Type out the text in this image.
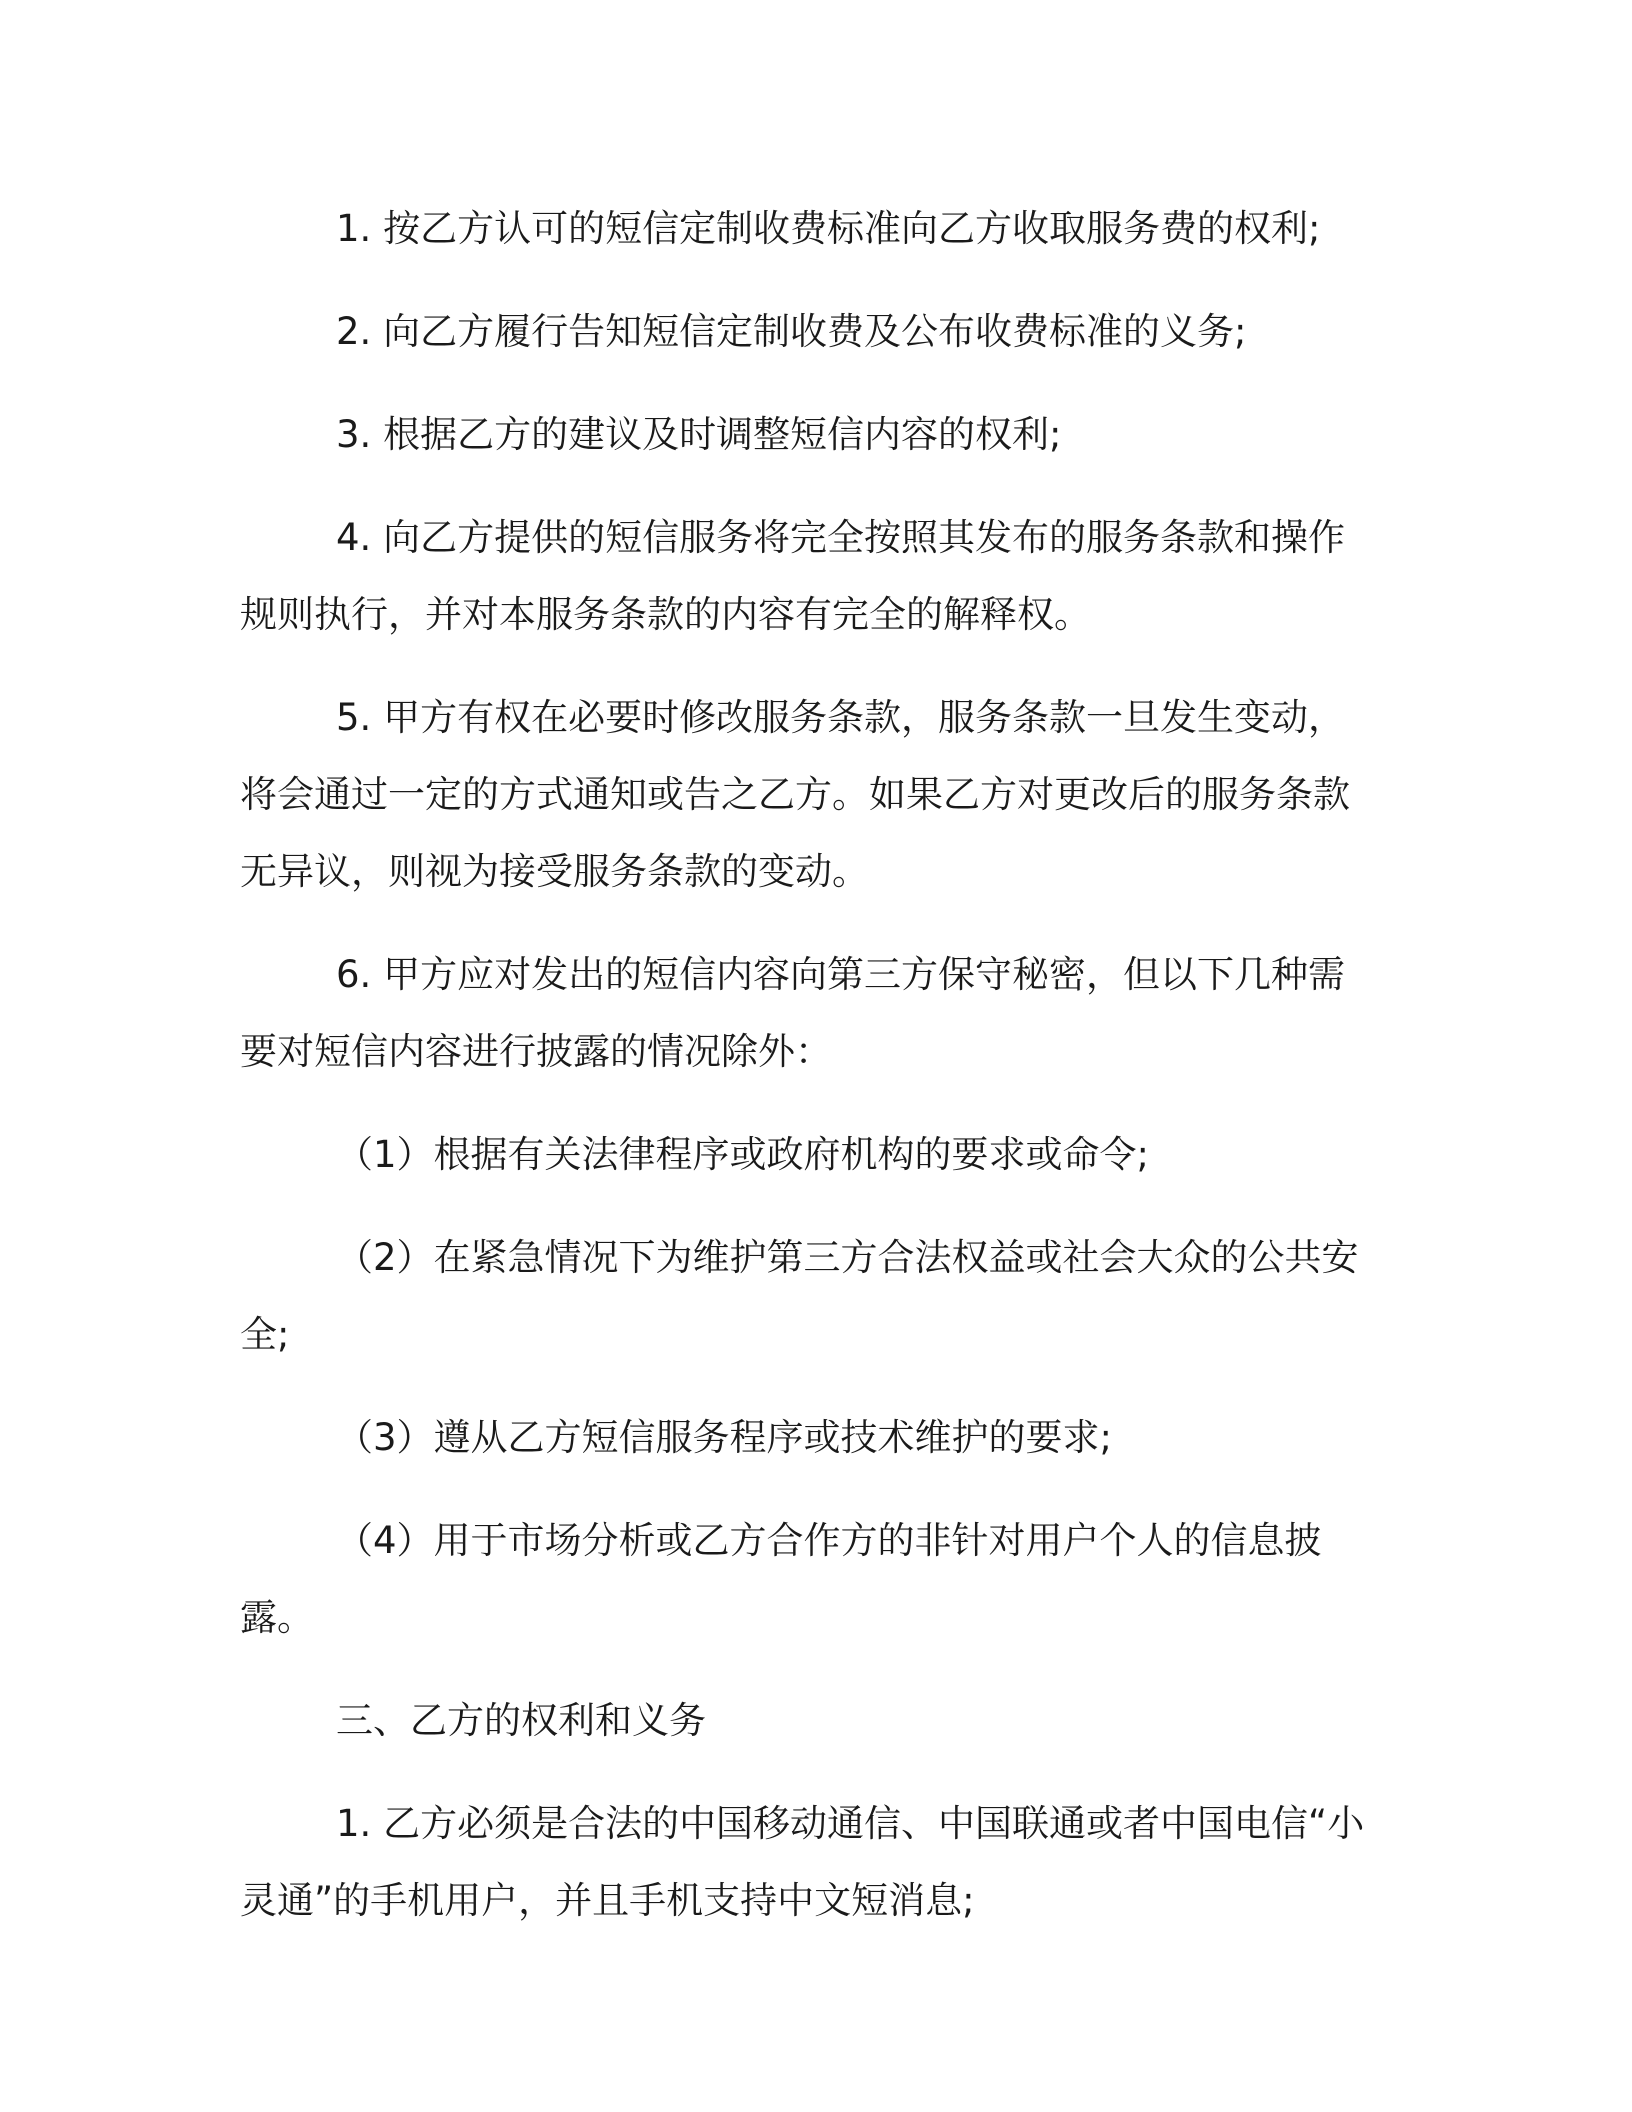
1. 按乙方认可的短信定制收费标准向乙方收取服务费的权利;

2. 向乙方履行告知短信定制收费及公布收费标准的义务;

3. 根据乙方的建议及时调整短信内容的权利;

4. 向乙方提供的短信服务将完全按照其发布的服务条款和操作规则执行，并对本服务条款的内容有完全的解释权。

5. 甲方有权在必要时修改服务条款，服务条款一旦发生变动，将会通过一定的方式通知或告之乙方。如果乙方对更改后的服务条款无异议，则视为接受服务条款的变动。

6. 甲方应对发出的短信内容向第三方保守秘密，但以下几种需要对短信内容进行披露的情况除外：

（1）根据有关法律程序或政府机构的要求或命令;

（2）在紧急情况下为维护第三方合法权益或社会大众的公共安全;

（3）遵从乙方短信服务程序或技术维护的要求;

（4）用于市场分析或乙方合作方的非针对用户个人的信息披露。

三、乙方的权利和义务

1. 乙方必须是合法的中国移动通信、中国联通或者中国电信“小灵通”的手机用户，并且手机支持中文短消息;
